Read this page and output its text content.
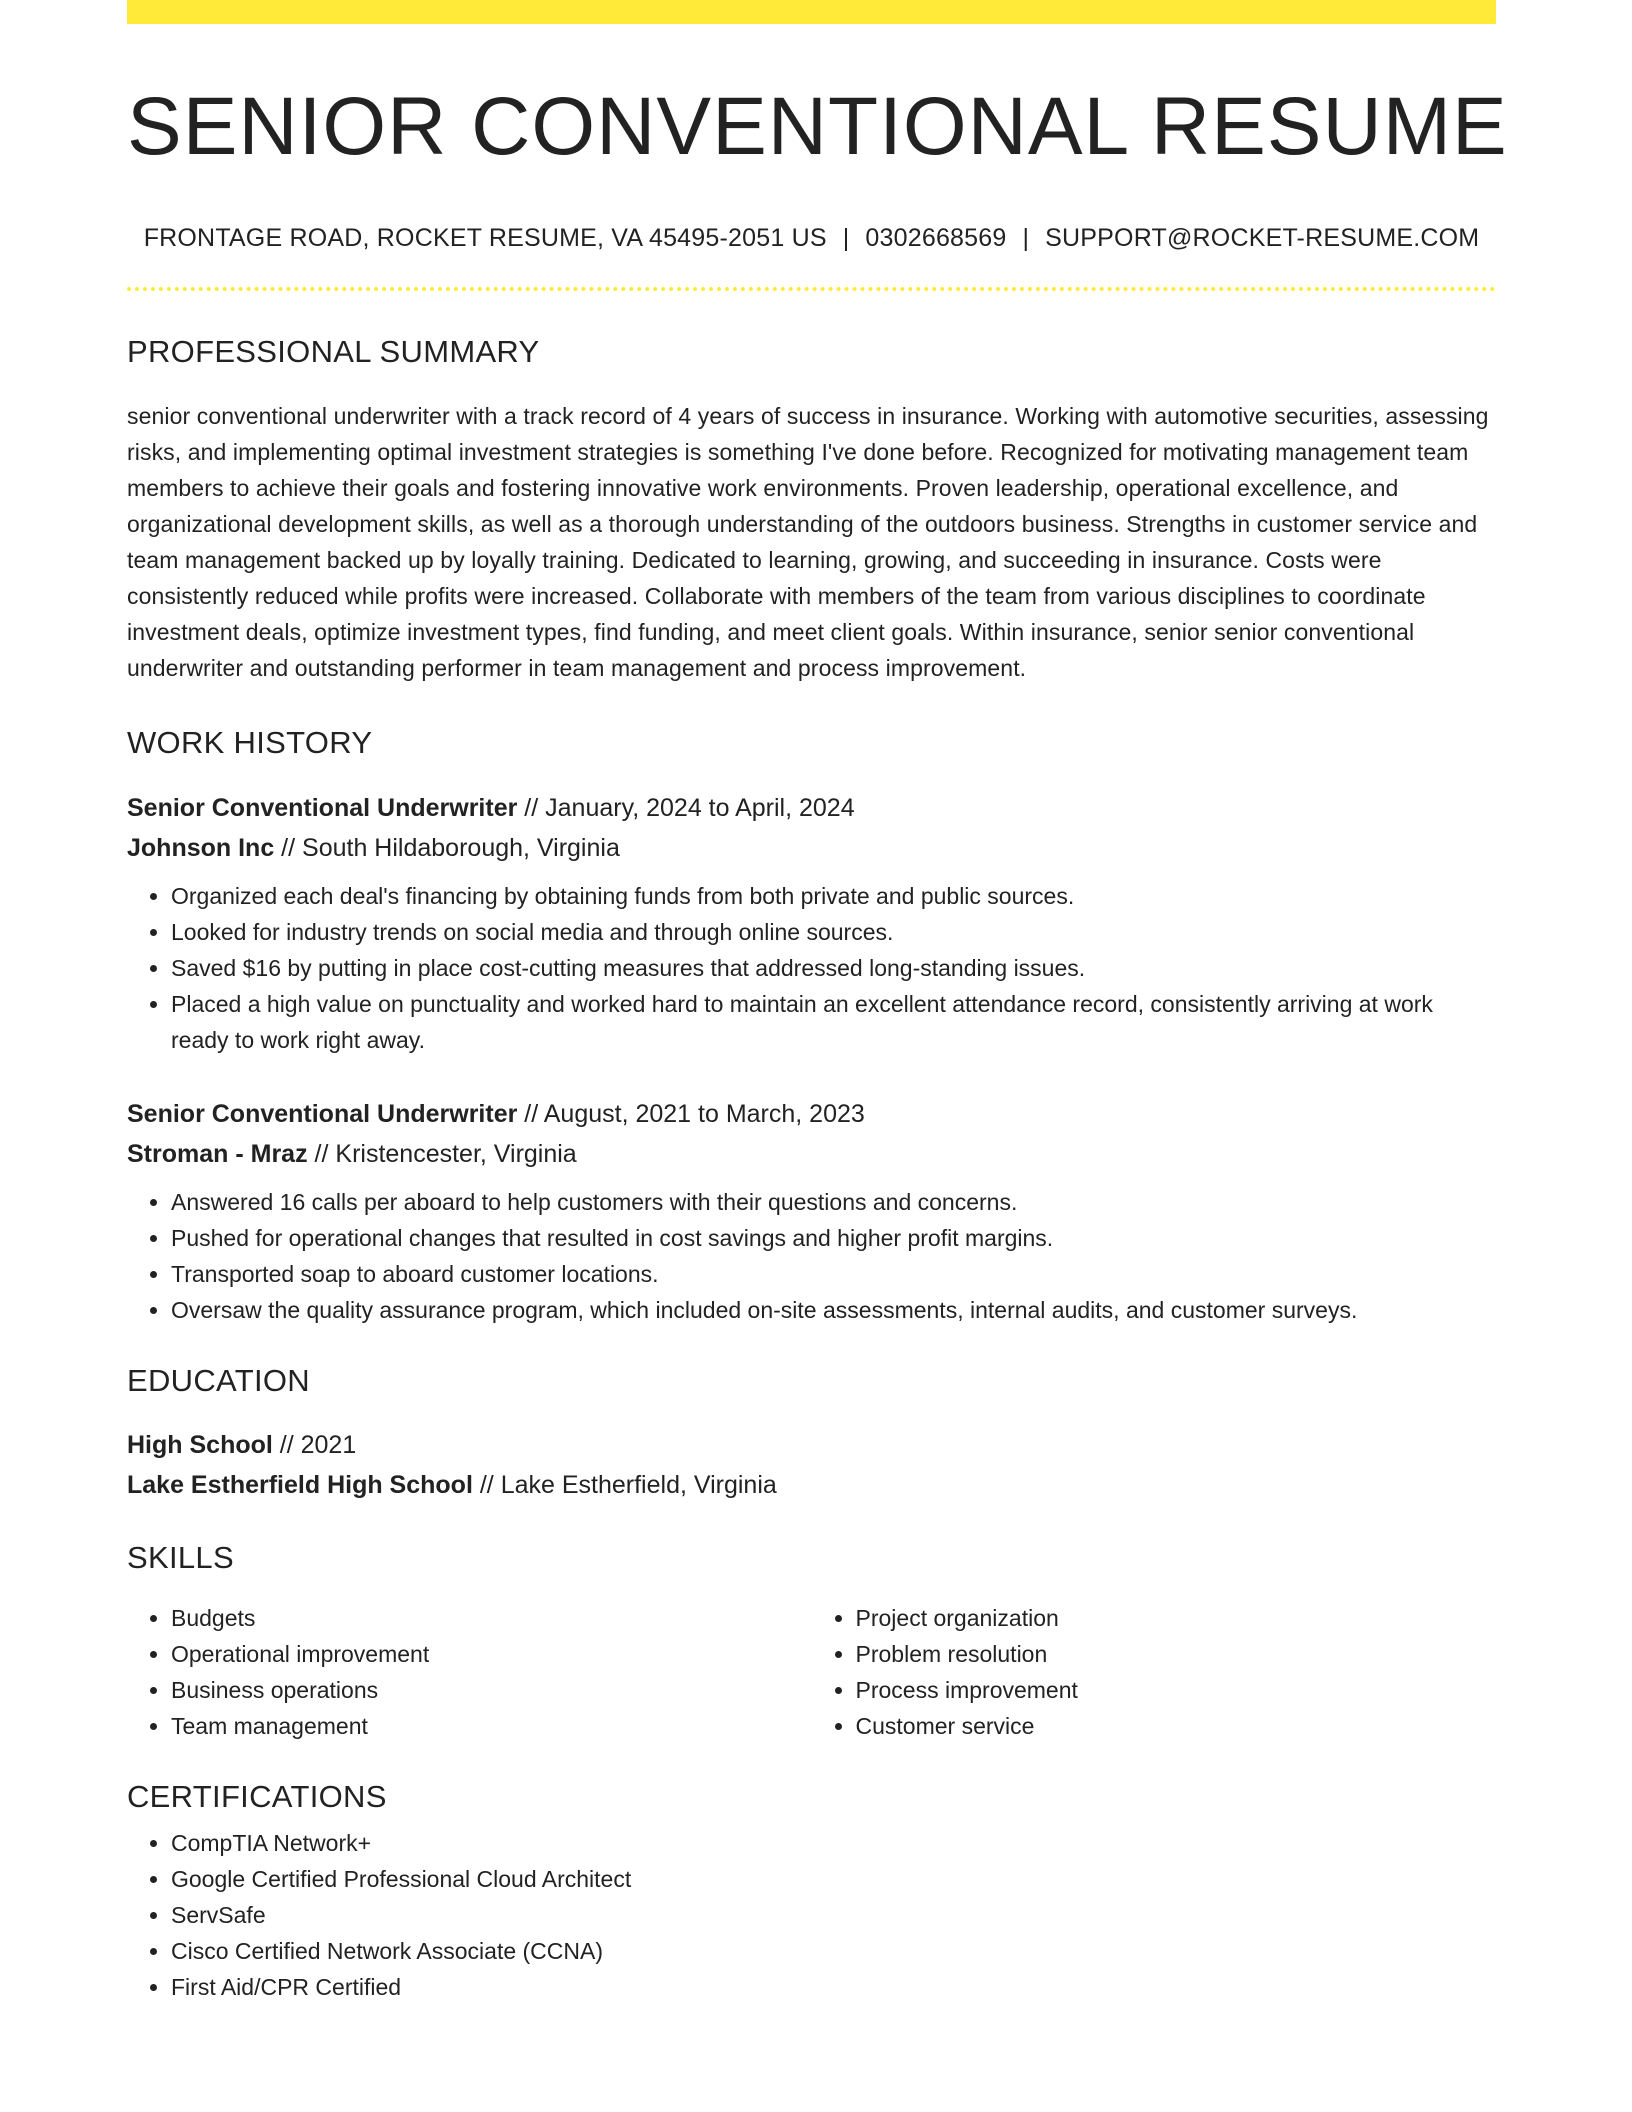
SENIOR CONVENTIONAL RESUME
FRONTAGE ROAD, ROCKET RESUME, VA 45495-2051 US | 0302668569 | SUPPORT@ROCKET-RESUME.COM
PROFESSIONAL SUMMARY

senior conventional underwriter with a track record of 4 years of success in insurance. Working with automotive securities, assessing risks, and implementing optimal investment strategies is something I've done before. Recognized for motivating management team members to achieve their goals and fostering innovative work environments. Proven leadership, operational excellence, and organizational development skills, as well as a thorough understanding of the outdoors business. Strengths in customer service and team management backed up by loyally training. Dedicated to learning, growing, and succeeding in insurance. Costs were consistently reduced while profits were increased. Collaborate with members of the team from various disciplines to coordinate investment deals, optimize investment types, find funding, and meet client goals. Within insurance, senior senior conventional underwriter and outstanding performer in team management and process improvement.

WORK HISTORY

Senior Conventional Underwriter // January, 2024 to April, 2024

Johnson Inc // South Hildaborough, Virginia

• Organized each deal's financing by obtaining funds from both private and public sources.
• Looked for industry trends on social media and through online sources.
• Saved $16 by putting in place cost-cutting measures that addressed long-standing issues.
• Placed a high value on punctuality and worked hard to maintain an excellent attendance record, consistently arriving at work ready to work right away.

Senior Conventional Underwriter // August, 2021 to March, 2023

Stroman - Mraz // Kristencester, Virginia

• Answered 16 calls per aboard to help customers with their questions and concerns.
• Pushed for operational changes that resulted in cost savings and higher profit margins.
• Transported soap to aboard customer locations.
• Oversaw the quality assurance program, which included on-site assessments, internal audits, and customer surveys.
EDUCATION

High School // 2021

Lake Estherfield High School // Lake Estherfield, Virginia

SKILLS
• Budgets
• Operational improvement
• Business operations
• Team management
• Project organization
• Problem resolution
• Process improvement
• Customer service
CERTIFICATIONS
• CompTIA Network+
• Google Certified Professional Cloud Architect
• ServSafe
• Cisco Certified Network Associate (CCNA)
• First Aid/CPR Certified
